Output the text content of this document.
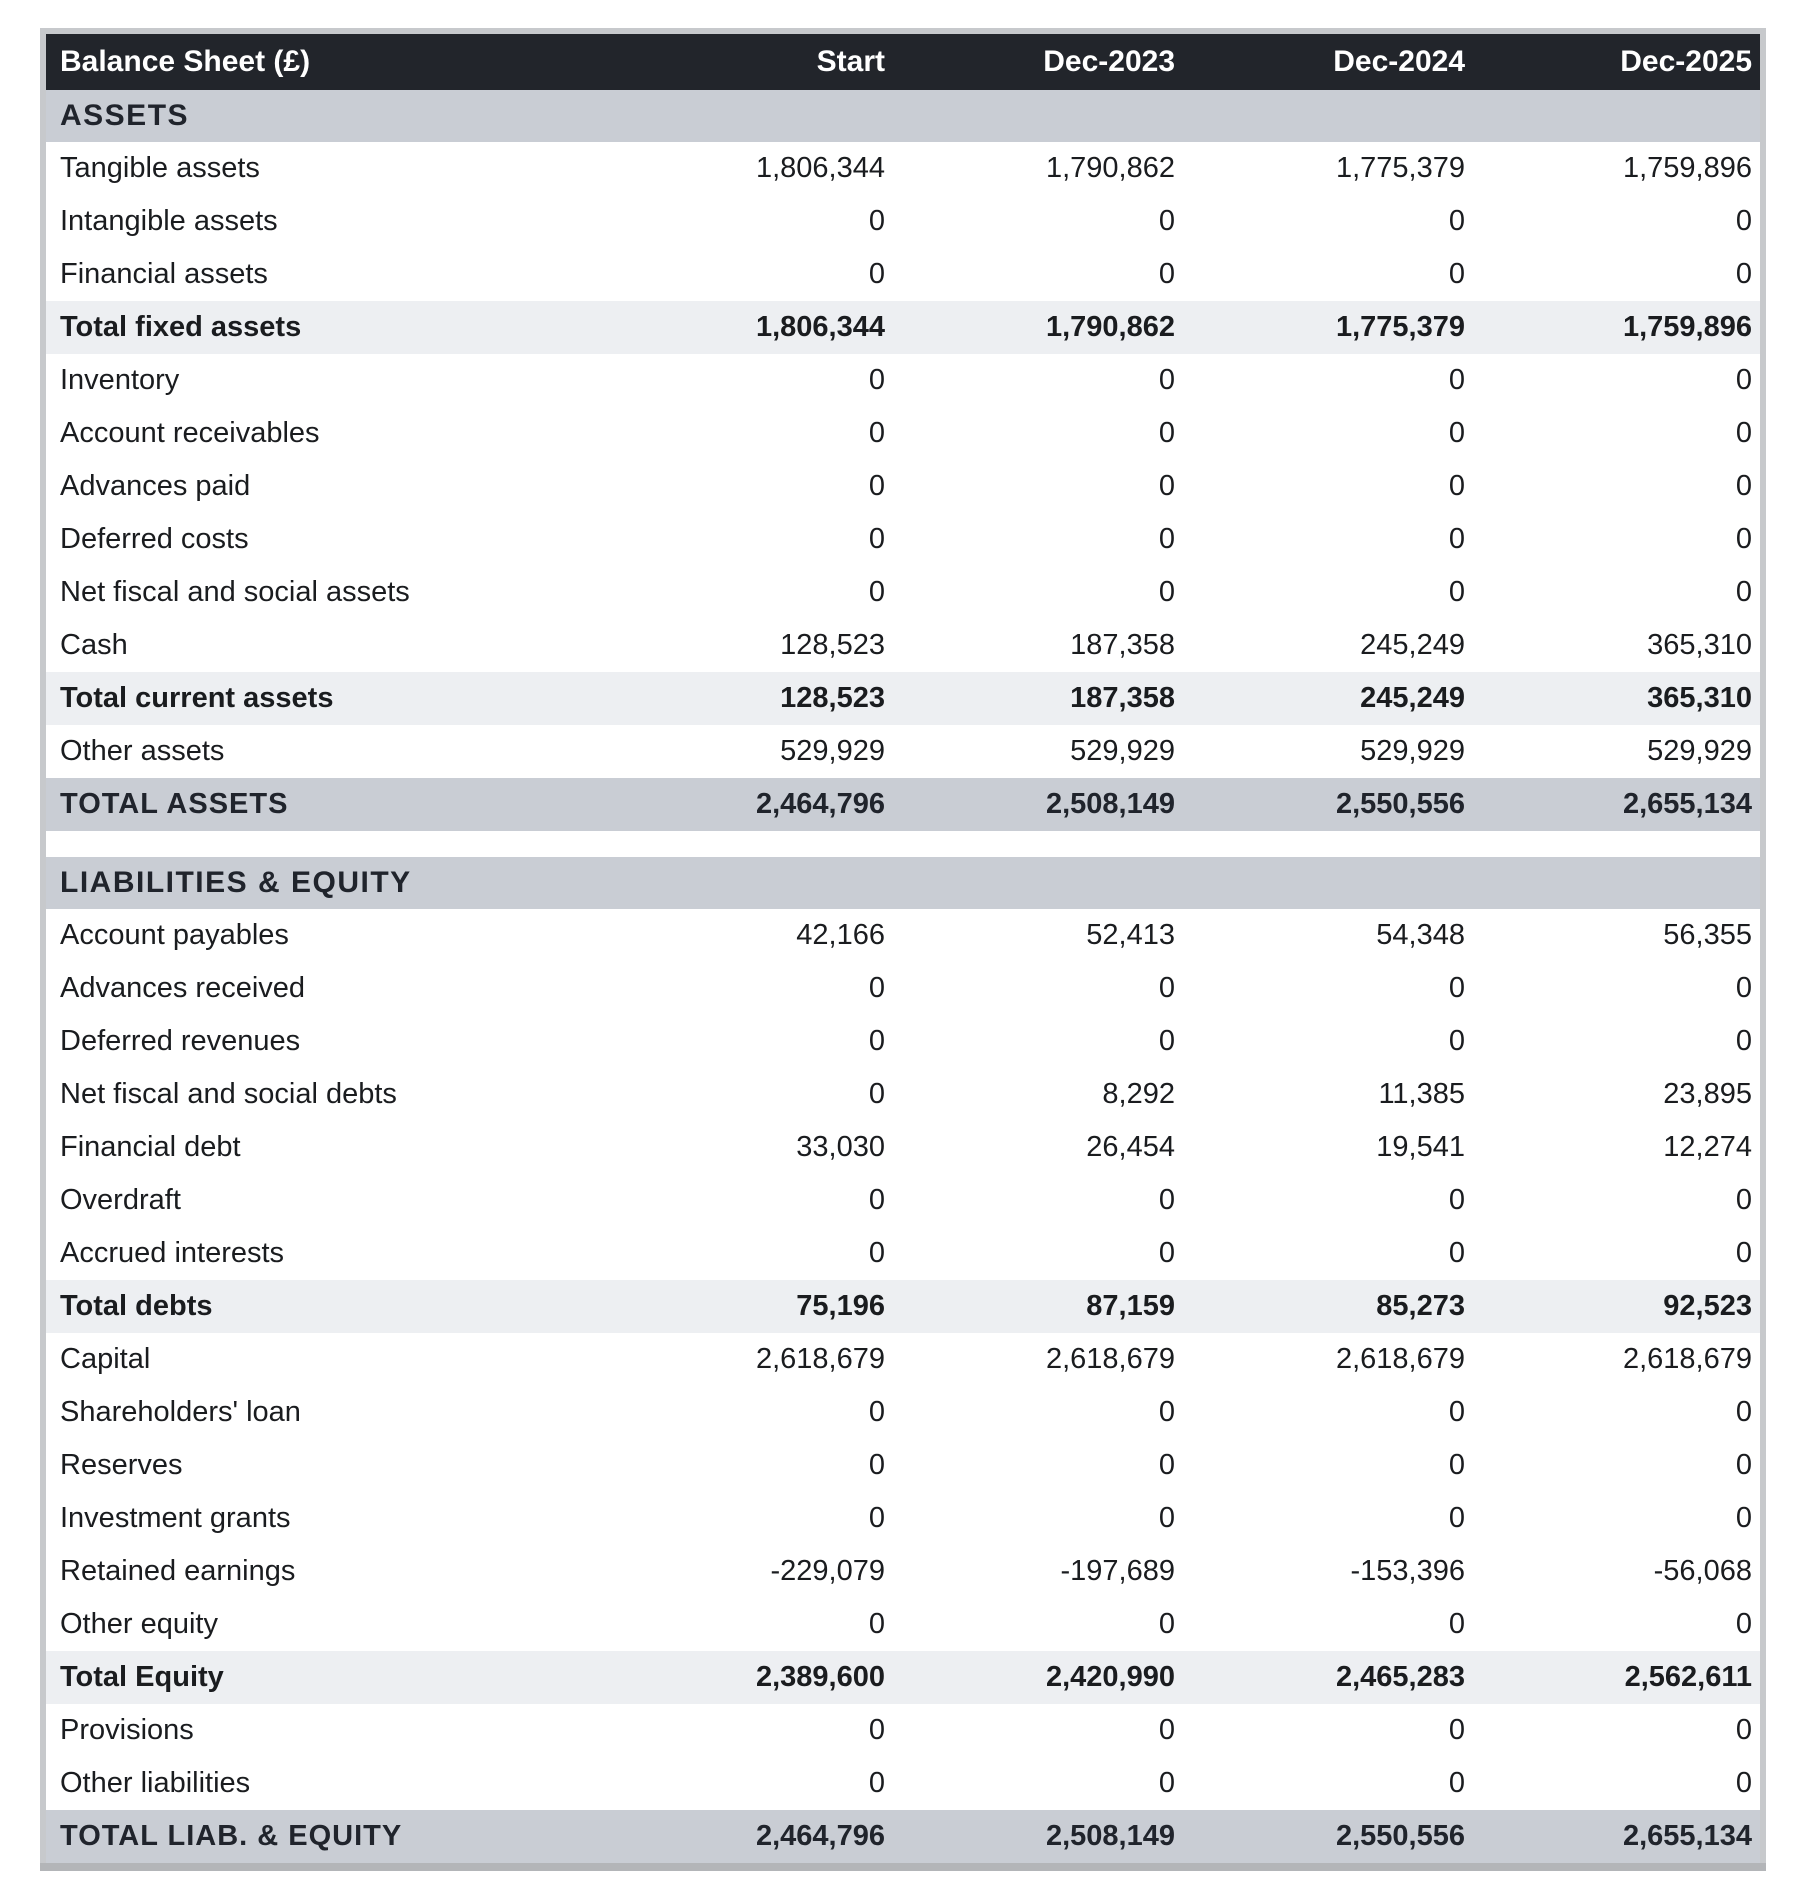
Balance Sheet (£)	Start	Dec-2023	Dec-2024	Dec-2025
ASSETS				
Tangible assets	1,806,344	1,790,862	1,775,379	1,759,896
Intangible assets	0	0	0	0
Financial assets	0	0	0	0
Total fixed assets	1,806,344	1,790,862	1,775,379	1,759,896
Inventory	0	0	0	0
Account receivables	0	0	0	0
Advances paid	0	0	0	0
Deferred costs	0	0	0	0
Net fiscal and social assets	0	0	0	0
Cash	128,523	187,358	245,249	365,310
Total current assets	128,523	187,358	245,249	365,310
Other assets	529,929	529,929	529,929	529,929
TOTAL ASSETS	2,464,796	2,508,149	2,550,556	2,655,134

LIABILITIES & EQUITY				
Account payables	42,166	52,413	54,348	56,355
Advances received	0	0	0	0
Deferred revenues	0	0	0	0
Net fiscal and social debts	0	8,292	11,385	23,895
Financial debt	33,030	26,454	19,541	12,274
Overdraft	0	0	0	0
Accrued interests	0	0	0	0
Total debts	75,196	87,159	85,273	92,523
Capital	2,618,679	2,618,679	2,618,679	2,618,679
Shareholders' loan	0	0	0	0
Reserves	0	0	0	0
Investment grants	0	0	0	0
Retained earnings	-229,079	-197,689	-153,396	-56,068
Other equity	0	0	0	0
Total Equity	2,389,600	2,420,990	2,465,283	2,562,611
Provisions	0	0	0	0
Other liabilities	0	0	0	0
TOTAL LIAB. & EQUITY	2,464,796	2,508,149	2,550,556	2,655,134
